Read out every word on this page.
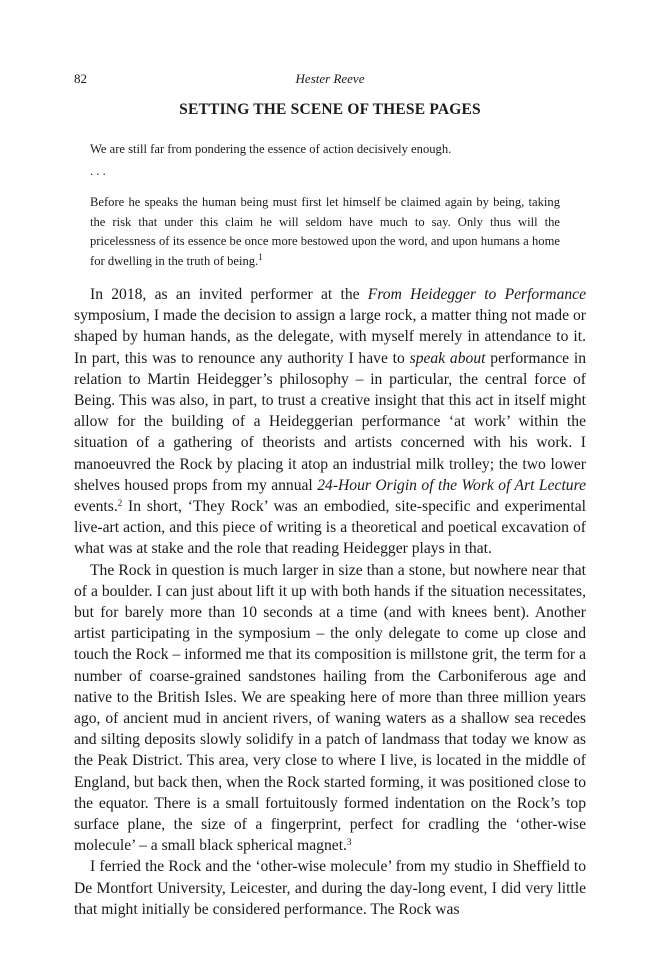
82	Hester Reeve
SETTING THE SCENE OF THESE PAGES

We are still far from pondering the essence of action decisively enough.

. . .

Before he speaks the human being must first let himself be claimed again by being, taking the risk that under this claim he will seldom have much to say. Only thus will the pricelessness of its essence be once more bestowed upon the word, and upon humans a home for dwelling in the truth of being.$^1$

In 2018, as an invited performer at the From Heidegger to Performance symposium, I made the decision to assign a large rock, a matter thing not made or shaped by human hands, as the delegate, with myself merely in attendance to it. In part, this was to renounce any authority I have to speak about performance in relation to Martin Heidegger’s philosophy – in particular, the central force of Being. This was also, in part, to trust a creative insight that this act in itself might allow for the building of a Heideggerian performance ‘at work’ within the situation of a gathering of theorists and artists concerned with his work. I manoeuvred the Rock by placing it atop an industrial milk trolley; the two lower shelves housed props from my annual 24-Hour Origin of the Work of Art Lecture events.$^2$ In short, ‘They Rock’ was an embodied, site-specific and experimental live-art action, and this piece of writing is a theoretical and poetical excavation of what was at stake and the role that reading Heidegger plays in that.

The Rock in question is much larger in size than a stone, but nowhere near that of a boulder. I can just about lift it up with both hands if the situation necessitates, but for barely more than 10 seconds at a time (and with knees bent). Another artist participating in the symposium – the only delegate to come up close and touch the Rock – informed me that its composition is millstone grit, the term for a number of coarse-grained sandstones hailing from the Carboniferous age and native to the British Isles. We are speaking here of more than three million years ago, of ancient mud in ancient rivers, of waning waters as a shallow sea recedes and silting deposits slowly solidify in a patch of landmass that today we know as the Peak District. This area, very close to where I live, is located in the middle of England, but back then, when the Rock started forming, it was positioned close to the equator. There is a small fortuitously formed indentation on the Rock’s top surface plane, the size of a fingerprint, perfect for cradling the ‘other-wise molecule’ – a small black spherical magnet.$^3$

I ferried the Rock and the ‘other-wise molecule’ from my studio in Sheffield to De Montfort University, Leicester, and during the day-long event, I did very little that might initially be considered performance. The Rock was
